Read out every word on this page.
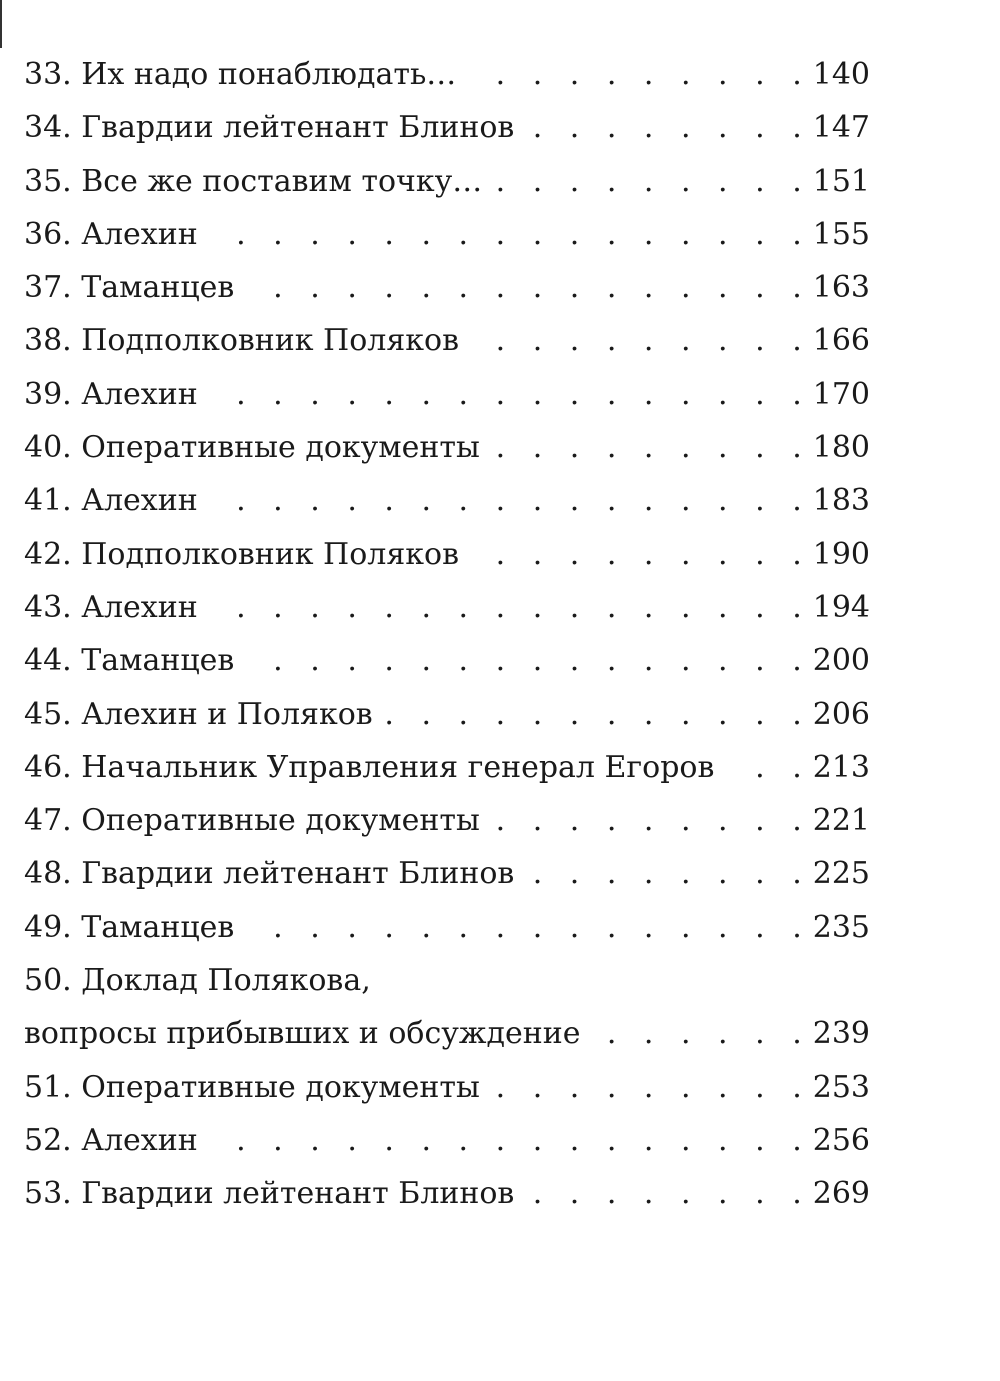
33. Их надо понаблюдать… . .	140
34. Гвардии лейтенант Блинов . .	147
35. Все же поставим точку… . .	151
36. Алехин . .	155
37. Таманцев . .	163
38. Подполковник Поляков . .	166
39. Алехин . .	170
40. Оперативные документы . .	180
41. Алехин . .	183
42. Подполковник Поляков . .	190
43. Алехин . .	194
44. Таманцев . .	200
45. Алехин и Поляков . .	206
46. Начальник Управления генерал Егоров . .	213
47. Оперативные документы . .	221
48. Гвардии лейтенант Блинов . .	225
49. Таманцев . .	235
50. Доклад Полякова,
вопросы прибывших и обсуждение . .	239
51. Оперативные документы . .	253
52. Алехин . .	256
53. Гвардии лейтенант Блинов . .	269
